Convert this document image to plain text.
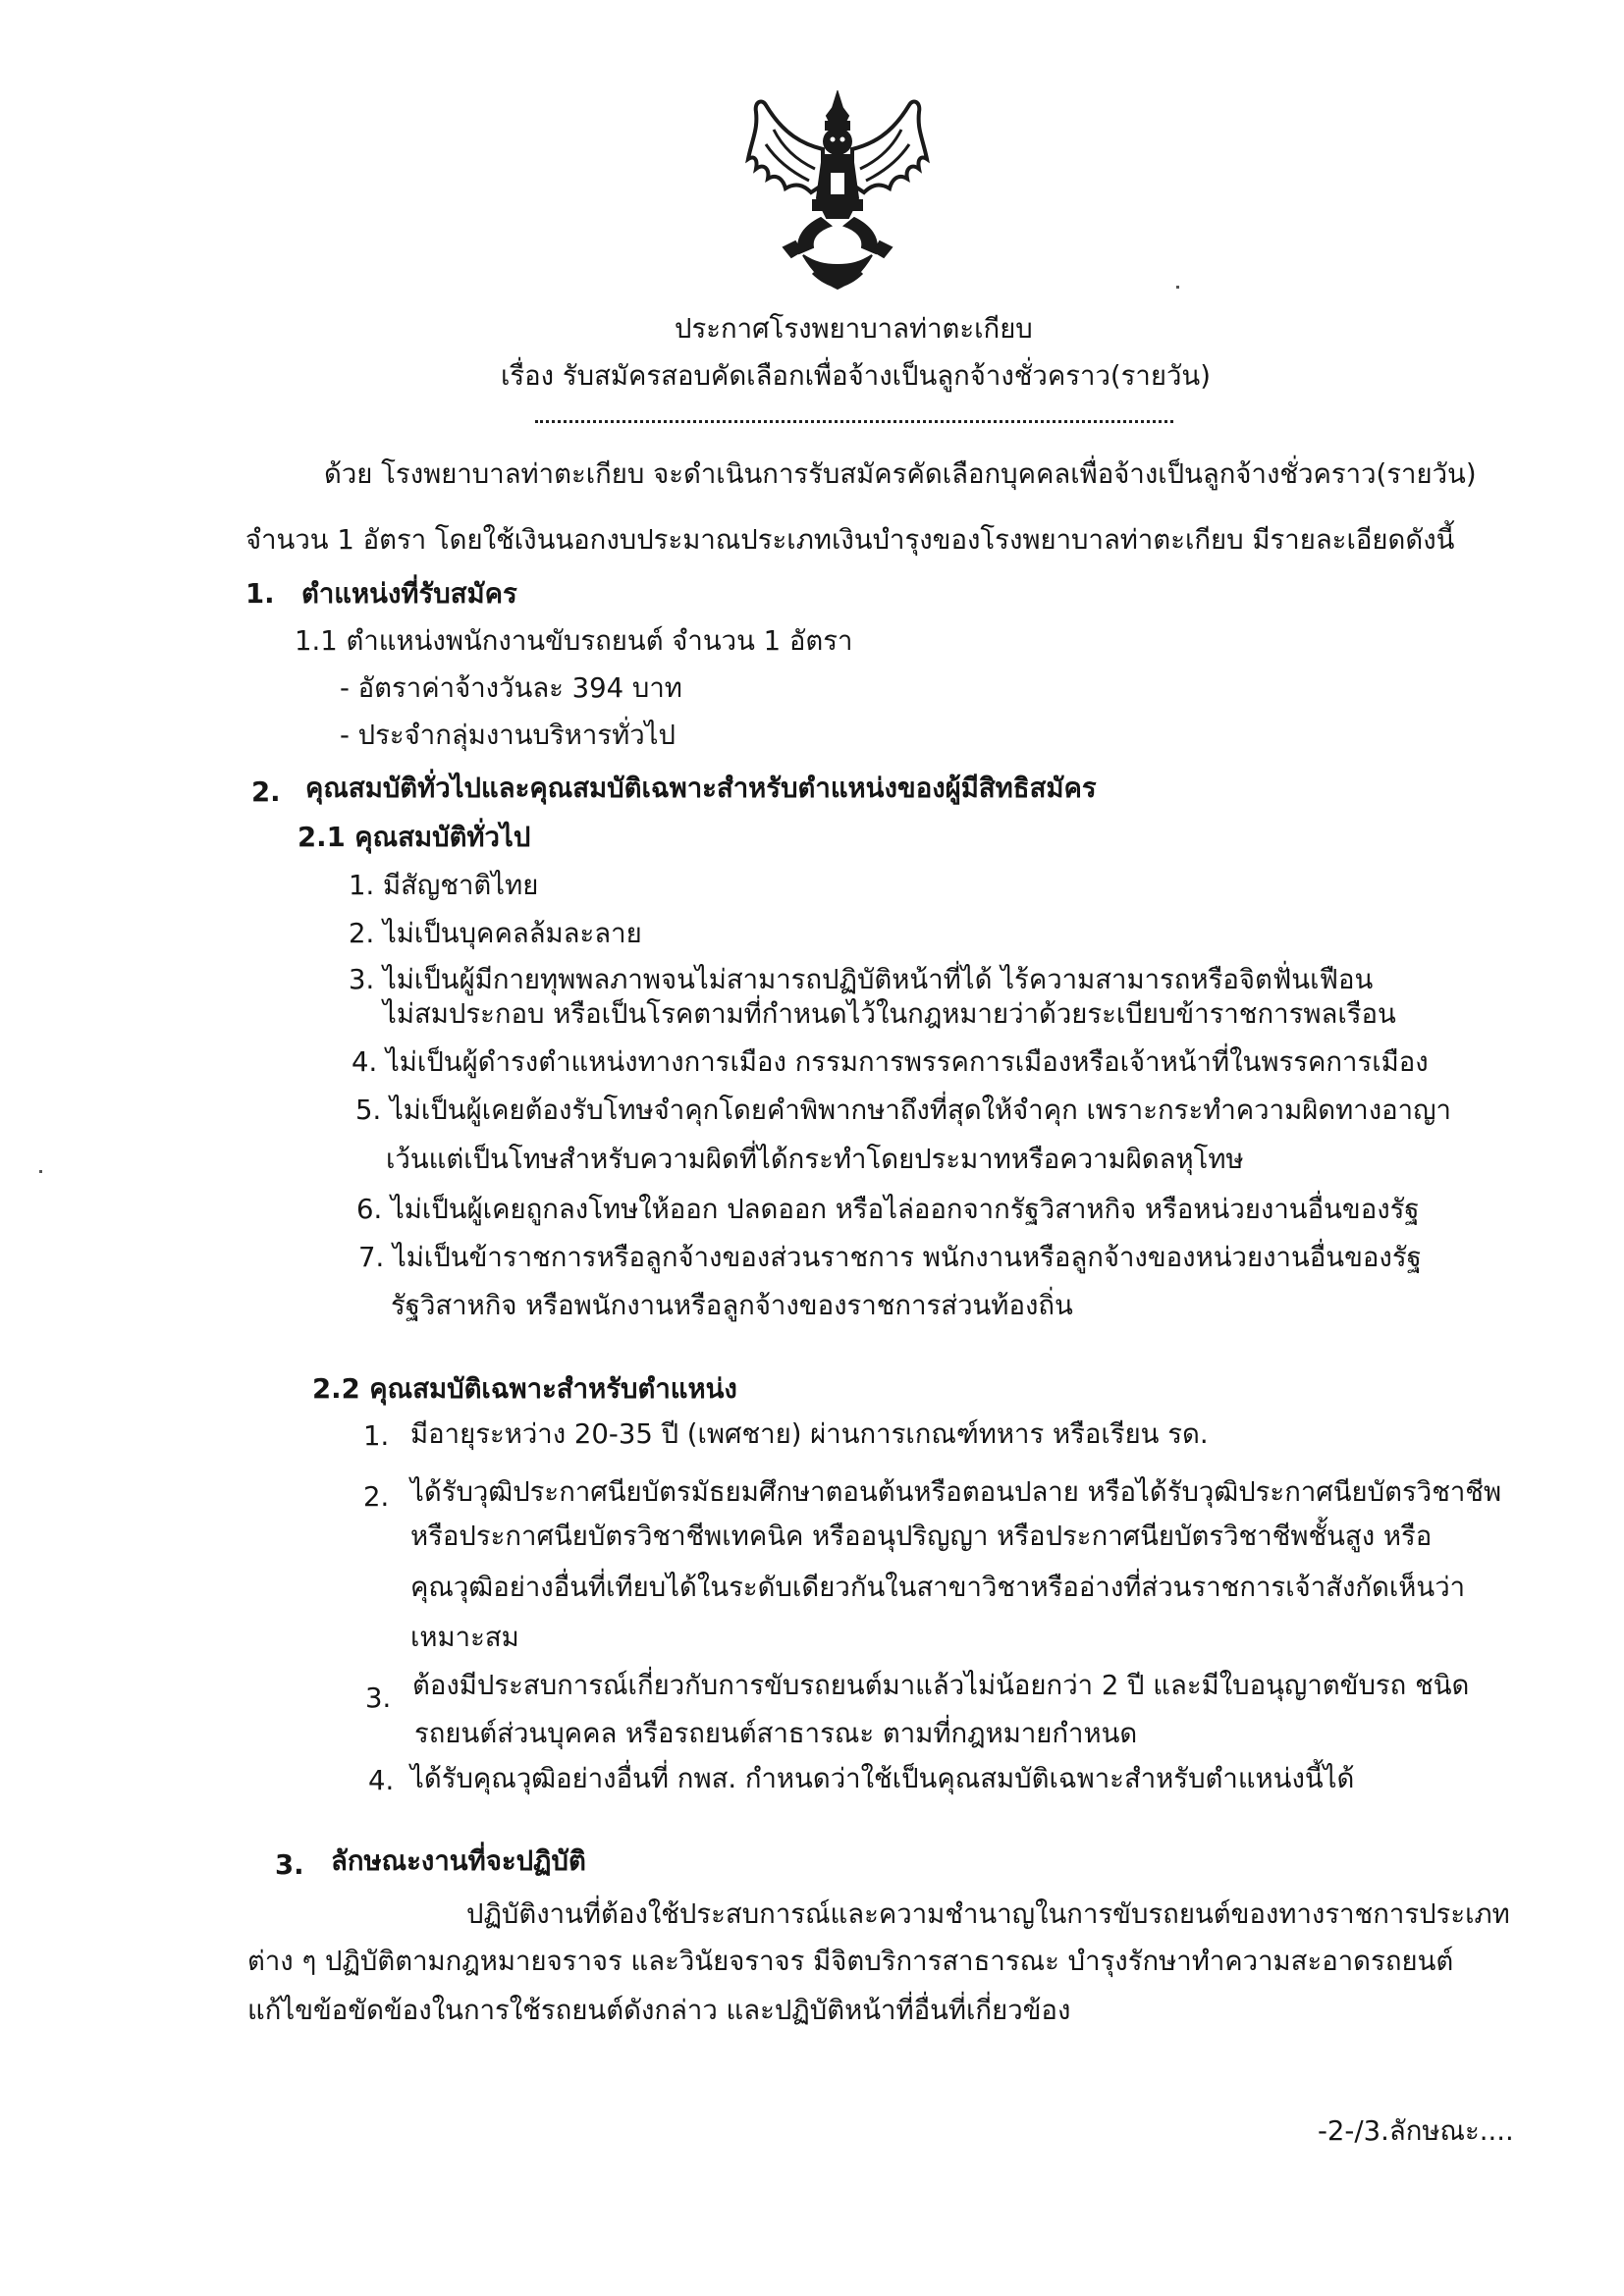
ประกาศโรงพยาบาลท่าตะเกียบ
เรื่อง รับสมัครสอบคัดเลือกเพื่อจ้างเป็นลูกจ้างชั่วคราว(รายวัน)
ด้วย โรงพยาบาลท่าตะเกียบ จะดำเนินการรับสมัครคัดเลือกบุคคลเพื่อจ้างเป็นลูกจ้างชั่วคราว(รายวัน)
จำนวน 1 อัตรา โดยใช้เงินนอกงบประมาณประเภทเงินบำรุงของโรงพยาบาลท่าตะเกียบ มีรายละเอียดดังนี้
1. ตำแหน่งที่รับสมัคร
1.1 ตำแหน่งพนักงานขับรถยนต์ จำนวน 1 อัตรา
- อัตราค่าจ้างวันละ 394 บาท
- ประจำกลุ่มงานบริหารทั่วไป
2. คุณสมบัติทั่วไปและคุณสมบัติเฉพาะสำหรับตำแหน่งของผู้มีสิทธิสมัคร
2.1 คุณสมบัติทั่วไป
1. มีสัญชาติไทย
2. ไม่เป็นบุคคลล้มละลาย
3. ไม่เป็นผู้มีกายทุพพลภาพจนไม่สามารถปฏิบัติหน้าที่ได้ ไร้ความสามารถหรือจิตฟั่นเฟือน
ไม่สมประกอบ หรือเป็นโรคตามที่กำหนดไว้ในกฎหมายว่าด้วยระเบียบข้าราชการพลเรือน
4. ไม่เป็นผู้ดำรงตำแหน่งทางการเมือง กรรมการพรรคการเมืองหรือเจ้าหน้าที่ในพรรคการเมือง
5. ไม่เป็นผู้เคยต้องรับโทษจำคุกโดยคำพิพากษาถึงที่สุดให้จำคุก เพราะกระทำความผิดทางอาญา
เว้นแต่เป็นโทษสำหรับความผิดที่ได้กระทำโดยประมาทหรือความผิดลหุโทษ
6. ไม่เป็นผู้เคยถูกลงโทษให้ออก ปลดออก หรือไล่ออกจากรัฐวิสาหกิจ หรือหน่วยงานอื่นของรัฐ
7. ไม่เป็นข้าราชการหรือลูกจ้างของส่วนราชการ พนักงานหรือลูกจ้างของหน่วยงานอื่นของรัฐ
รัฐวิสาหกิจ หรือพนักงานหรือลูกจ้างของราชการส่วนท้องถิ่น
2.2 คุณสมบัติเฉพาะสำหรับตำแหน่ง
1. มีอายุระหว่าง 20-35 ปี (เพศชาย) ผ่านการเกณฑ์ทหาร หรือเรียน รด.
2. ได้รับวุฒิประกาศนียบัตรมัธยมศึกษาตอนต้นหรือตอนปลาย หรือได้รับวุฒิประกาศนียบัตรวิชาชีพ
หรือประกาศนียบัตรวิชาชีพเทคนิค หรืออนุปริญญา หรือประกาศนียบัตรวิชาชีพชั้นสูง หรือ
คุณวุฒิอย่างอื่นที่เทียบได้ในระดับเดียวกันในสาขาวิชาหรืออ่างที่ส่วนราชการเจ้าสังกัดเห็นว่า
เหมาะสม
3. ต้องมีประสบการณ์เกี่ยวกับการขับรถยนต์มาแล้วไม่น้อยกว่า 2 ปี และมีใบอนุญาตขับรถ ชนิด
รถยนต์ส่วนบุคคล หรือรถยนต์สาธารณะ ตามที่กฎหมายกำหนด
4. ได้รับคุณวุฒิอย่างอื่นที่ กพส. กำหนดว่าใช้เป็นคุณสมบัติเฉพาะสำหรับตำแหน่งนี้ได้
3. ลักษณะงานที่จะปฏิบัติ
ปฏิบัติงานที่ต้องใช้ประสบการณ์และความชำนาญในการขับรถยนต์ของทางราชการประเภท
ต่าง ๆ ปฏิบัติตามกฎหมายจราจร และวินัยจราจร มีจิตบริการสาธารณะ บำรุงรักษาทำความสะอาดรถยนต์
แก้ไขข้อขัดข้องในการใช้รถยนต์ดังกล่าว และปฏิบัติหน้าที่อื่นที่เกี่ยวข้อง
-2-/3.ลักษณะ....
